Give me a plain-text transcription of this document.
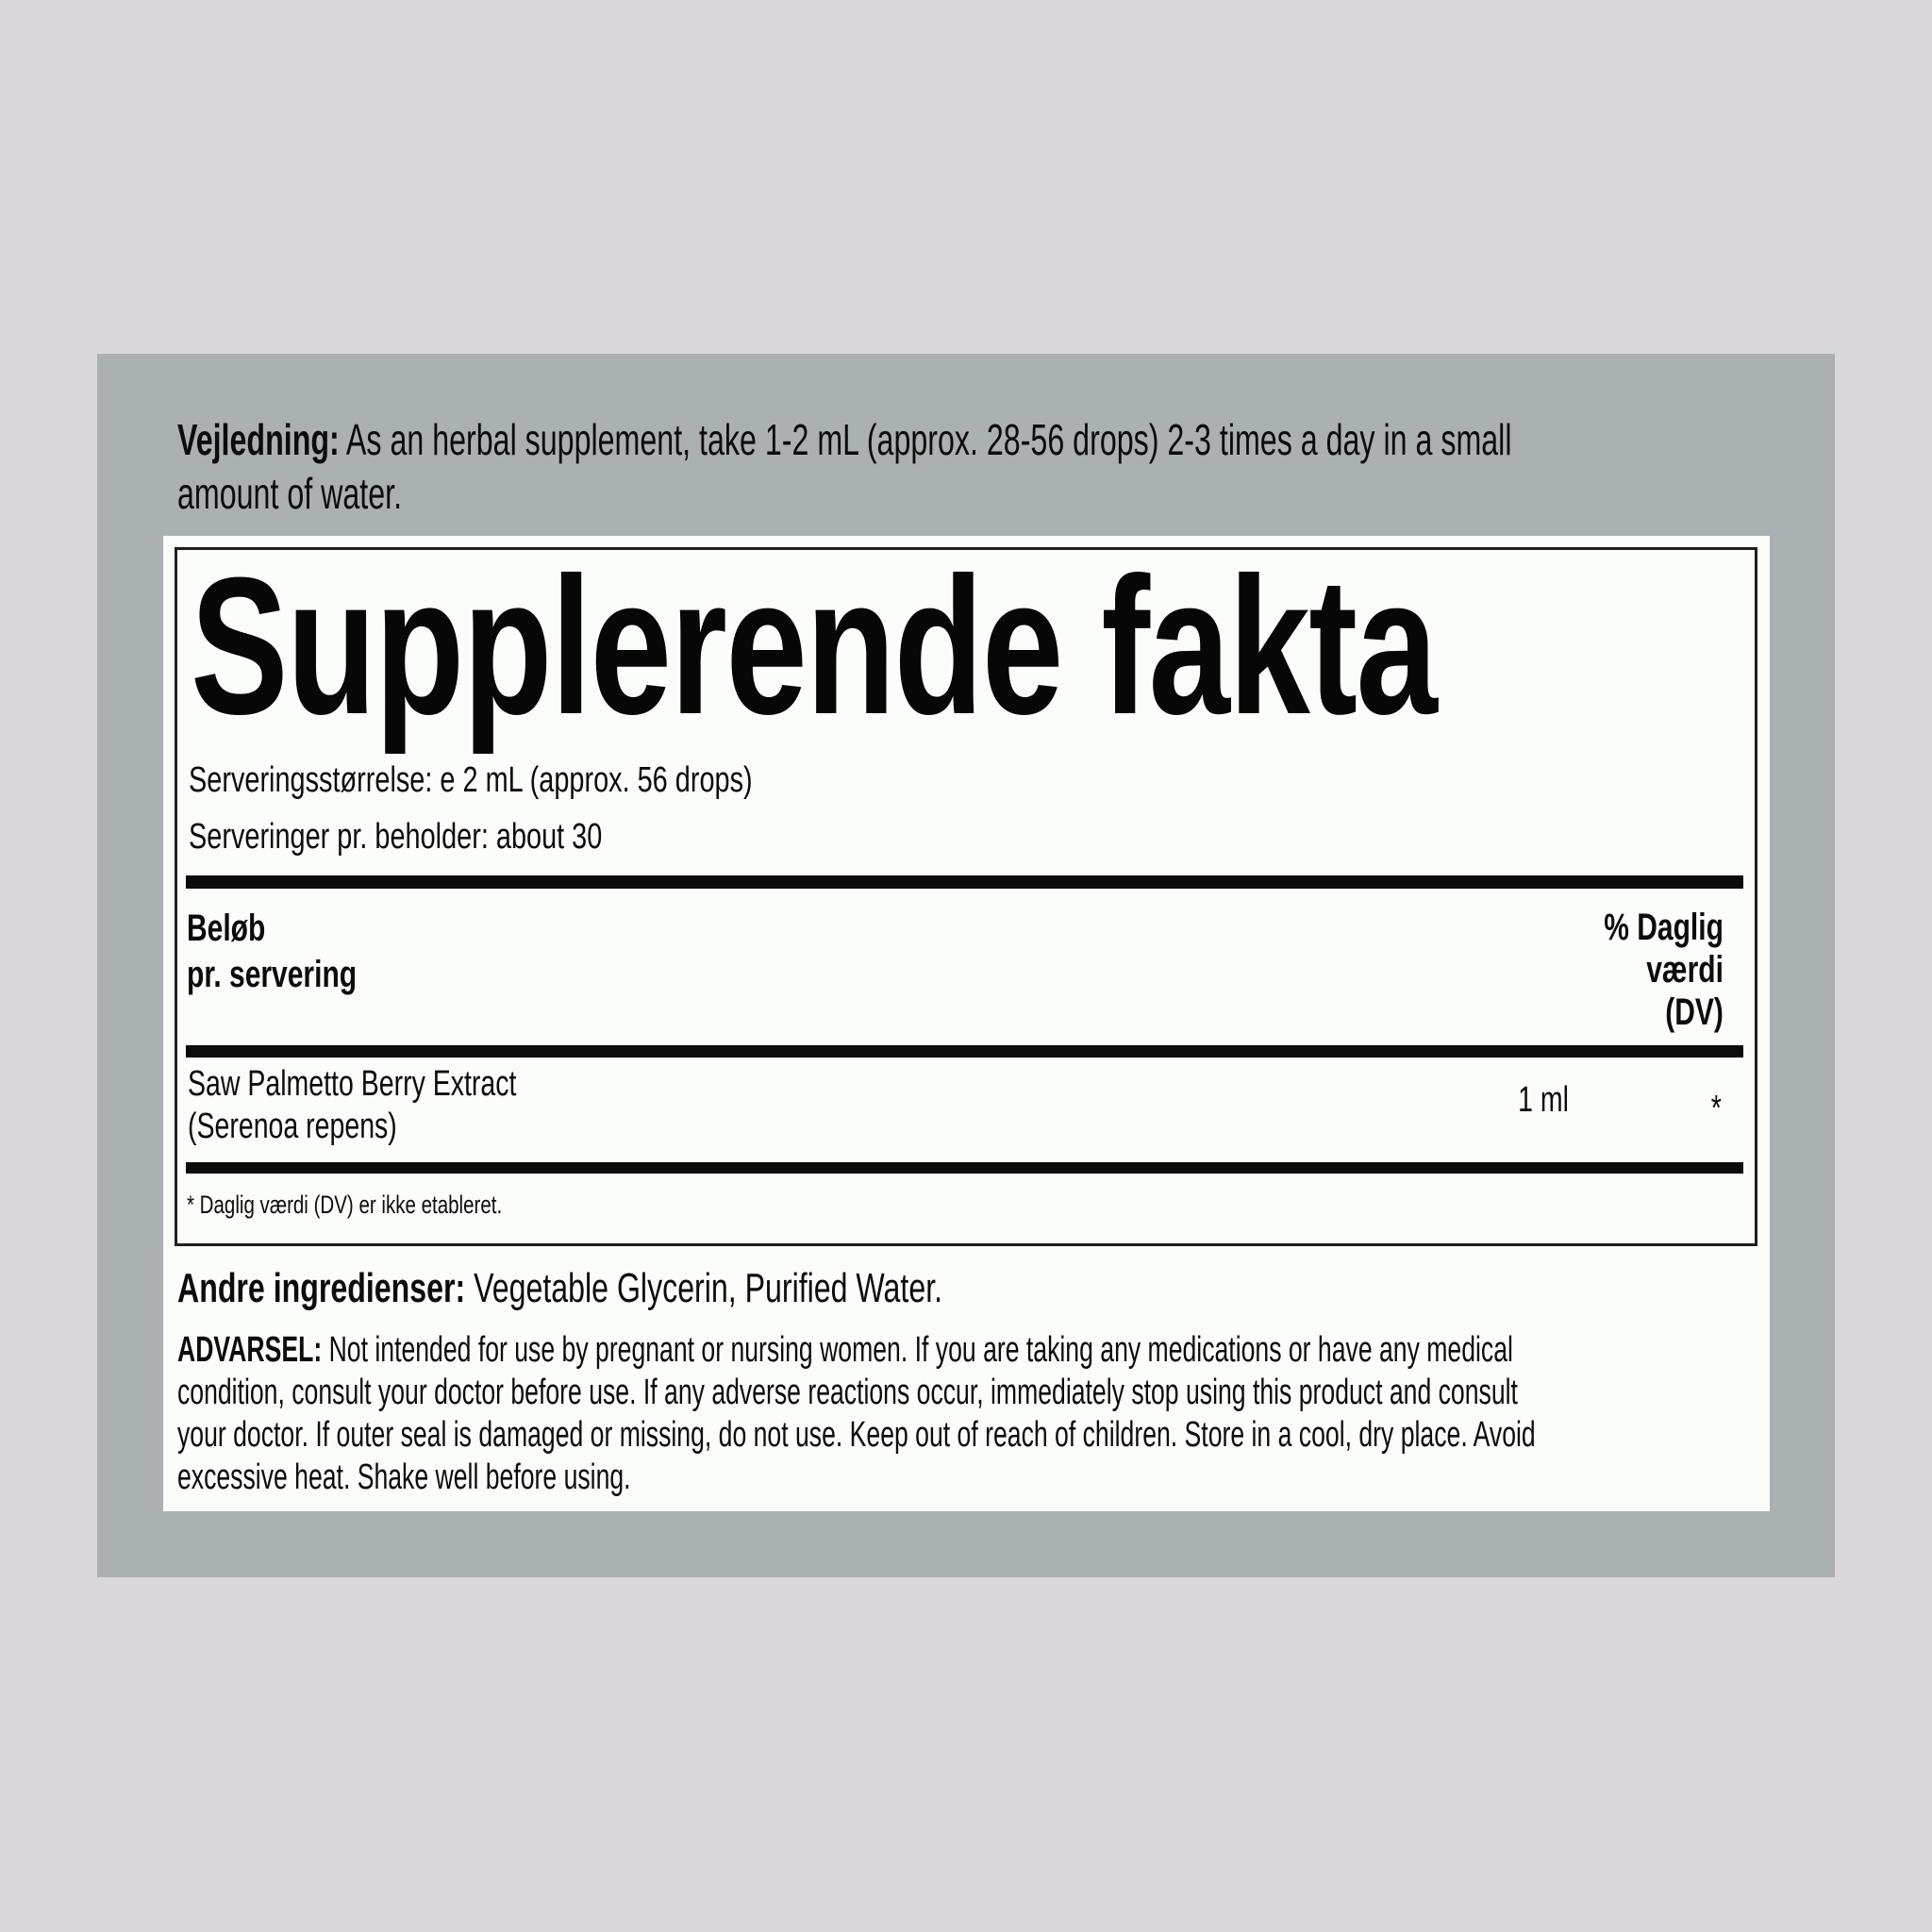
Vejledning: As an herbal supplement, take 1-2 mL (approx. 28-56 drops) 2-3 times a day in a small
amount of water.
Supplerende fakta
Serveringsstørrelse: e 2 mL (approx. 56 drops)
Serveringer pr. beholder: about 30
Beløb
pr. servering
% Daglig
værdi
(DV)
Saw Palmetto Berry Extract
(Serenoa repens)
1 ml	*
* Daglig værdi (DV) er ikke etableret.
Andre ingredienser: Vegetable Glycerin, Purified Water.
ADVARSEL: Not intended for use by pregnant or nursing women. If you are taking any medications or have any medical
condition, consult your doctor before use. If any adverse reactions occur, immediately stop using this product and consult
your doctor. If outer seal is damaged or missing, do not use. Keep out of reach of children. Store in a cool, dry place. Avoid
excessive heat. Shake well before using.
